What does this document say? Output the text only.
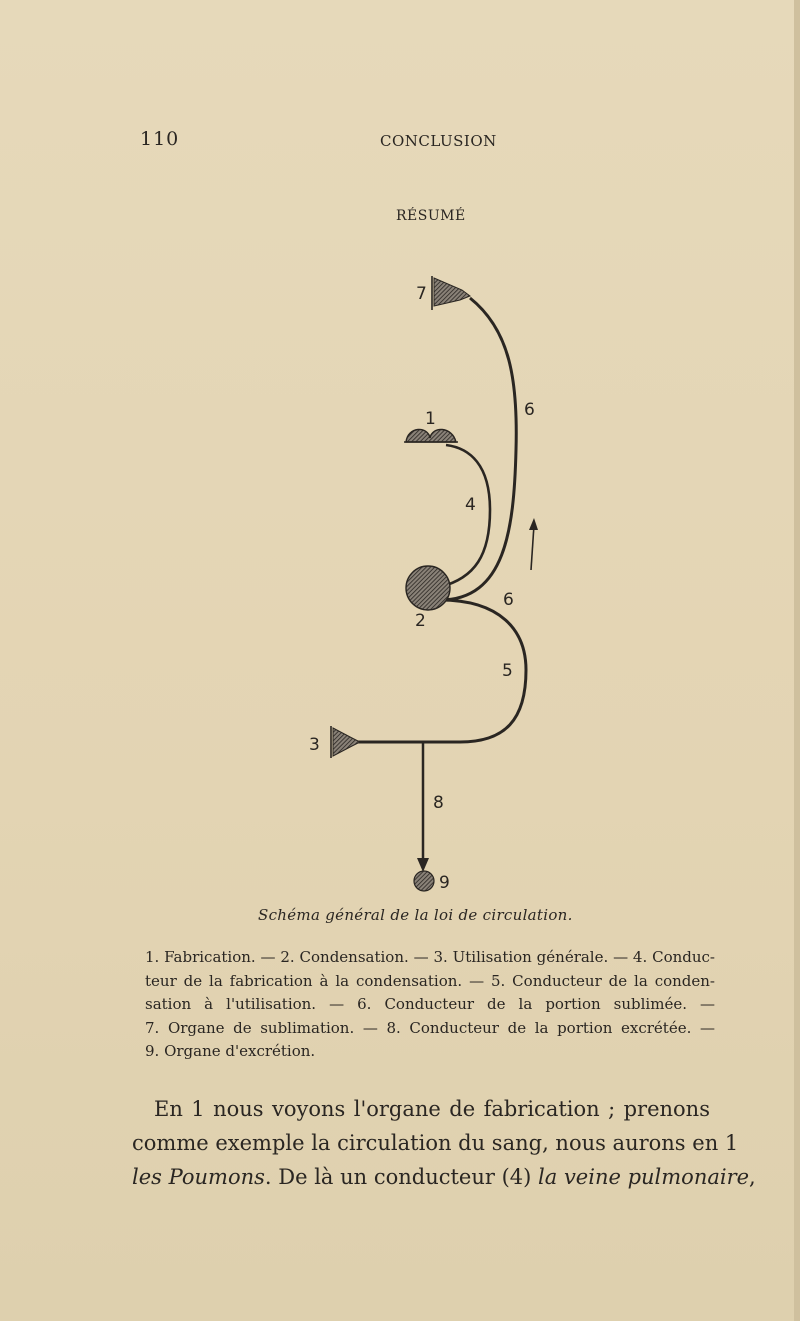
110	CONCLUSION
RÉSUMÉ
1
2
3
4
5
6
6
7
8
9
Schéma général de la loi de circulation.
1. Fabrication. — 2. Condensation. — 3. Utilisation générale. — 4. Conduc-
teur de la fabrication à la condensation. — 5. Conducteur de la conden-
sation à l'utilisation. — 6. Conducteur de la portion sublimée. —
7. Organe de sublimation. — 8. Conducteur de la portion excrétée. —
9. Organe d'excrétion.
En 1 nous voyons l'organe de fabrication ; prenons
comme exemple la circulation du sang, nous aurons en 1
les Poumons. De là un conducteur (4) la veine pulmonaire,
